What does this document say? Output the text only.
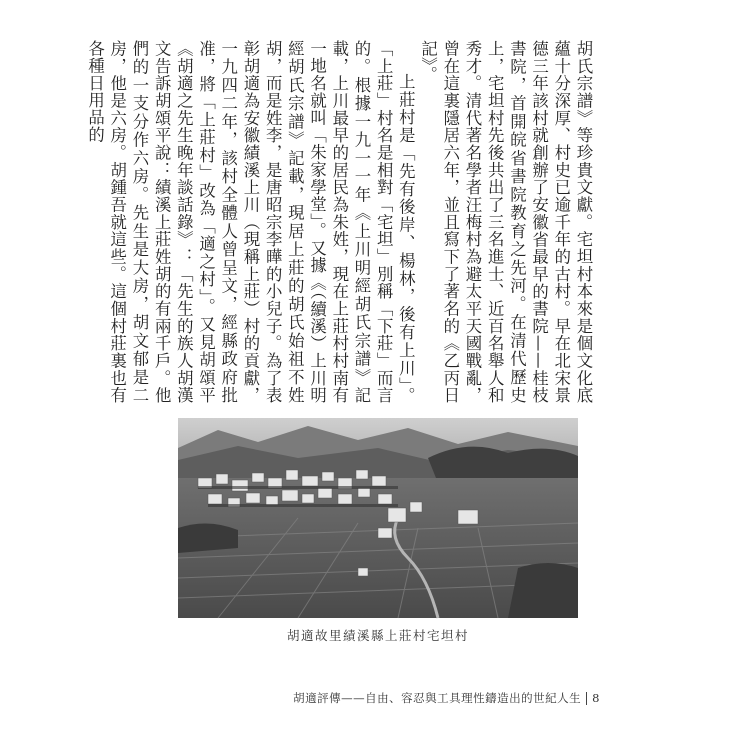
胡氏宗譜》等珍貴文獻。宅坦村本來是個文化底蘊十分深厚、村史已逾千年的古村。早在北宋景德三年該村就創辦了安徽省最早的書院——桂枝書院，首開皖省書院教育之先河。在清代歷史上，宅坦村先後共出了三名進士、近百名舉人和秀才。清代著名學者汪梅村為避太平天國戰亂，曾在這裏隱居六年，並且寫下了著名的《乙丙日記》。

上莊村是「先有後岸、楊林，後有上川」。「上莊」村名是相對「宅坦」別稱「下莊」而言的。根據一九一一年《上川明經胡氏宗譜》記載，上川最早的居民為朱姓，現在上莊村村南有一地名就叫「朱家學堂」。又據《（續溪）上川明經胡氏宗譜》記載，現居上莊的胡氏始祖不姓胡，而是姓李，是唐昭宗李曄的小兒子。為了表彰胡適為安徽績溪上川（現稱上莊）村的貢獻，一九四二年，該村全體人曾呈文，經縣政府批准，將「上莊村」改為「適之村」。又見胡頌平《胡適之先生晚年談話錄》：「先生的族人胡漢文告訴胡頌平說：績溪上莊姓胡的有兩千戶。他們的一支分作六房。先生是大房，胡文郁是二房，他是六房。胡鍾吾就這些。這個村莊裏也有各種日用品的

胡適故里績溪縣上莊村宅坦村
胡適評傳——自由、容忍與工具理性鑄造出的世紀人生 8
